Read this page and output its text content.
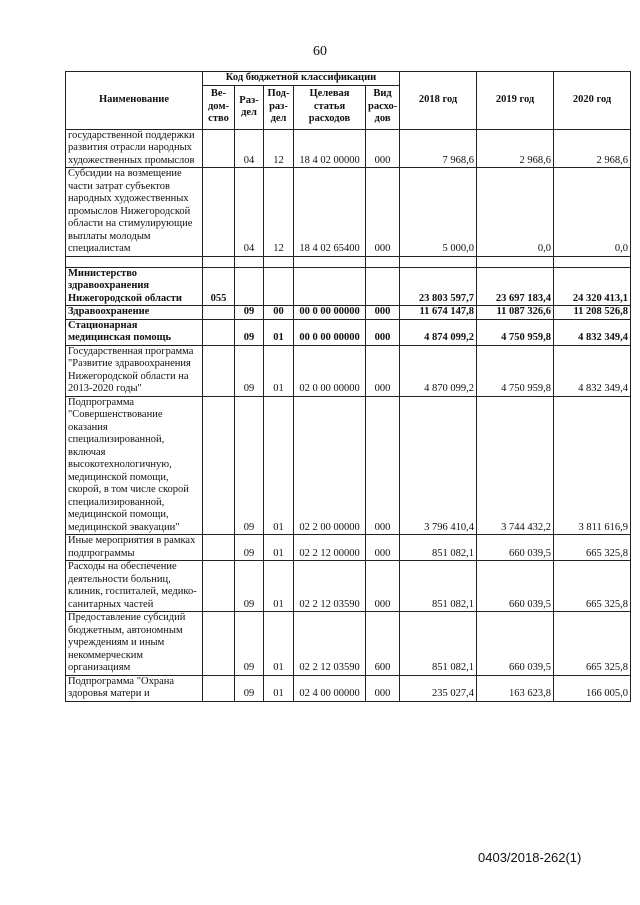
60
Наименование	Код бюджетной классификации					2018 год	2019 год	2020 год
	Ве-дом-ство	Раз-дел	Под-раз-дел	Целевая статья расходов	Вид расхо-дов			
государственной поддержки развития отрасли народных художественных промыслов		04	12	18 4 02 00000	000	7 968,6	2 968,6	2 968,6
Субсидии на возмещение части затрат субъектов народных художественных промыслов Нижегородской области на стимулирующие выплаты молодым специалистам		04	12	18 4 02 65400	000	5 000,0	0,0	0,0

Министерство здравоохранения Нижегородской области	055					23 803 597,7	23 697 183,4	24 320 413,1
Здравоохранение		09	00	00 0 00 00000	000	11 674 147,8	11 087 326,6	11 208 526,8
Стационарная медицинская помощь		09	01	00 0 00 00000	000	4 874 099,2	4 750 959,8	4 832 349,4
Государственная программа "Развитие здравоохранения Нижегородской области на 2013-2020 годы"		09	01	02 0 00 00000	000	4 870 099,2	4 750 959,8	4 832 349,4
Подпрограмма "Совершенствование оказания специализированной, включая высокотехнологичную, медицинской помощи, скорой, в том числе скорой специализированной, медицинской помощи, медицинской эвакуации"		09	01	02 2 00 00000	000	3 796 410,4	3 744 432,2	3 811 616,9
Иные мероприятия в рамках подпрограммы		09	01	02 2 12 00000	000	851 082,1	660 039,5	665 325,8
Расходы на обеспечение деятельности больниц, клиник, госпиталей, медико-санитарных частей		09	01	02 2 12 03590	000	851 082,1	660 039,5	665 325,8
Предоставление субсидий бюджетным, автономным учреждениям и иным некоммерческим организациям		09	01	02 2 12 03590	600	851 082,1	660 039,5	665 325,8
Подпрограмма "Охрана здоровья матери и		09	01	02 4 00 00000	000	235 027,4	163 623,8	166 005,0
0403/2018-262(1)
